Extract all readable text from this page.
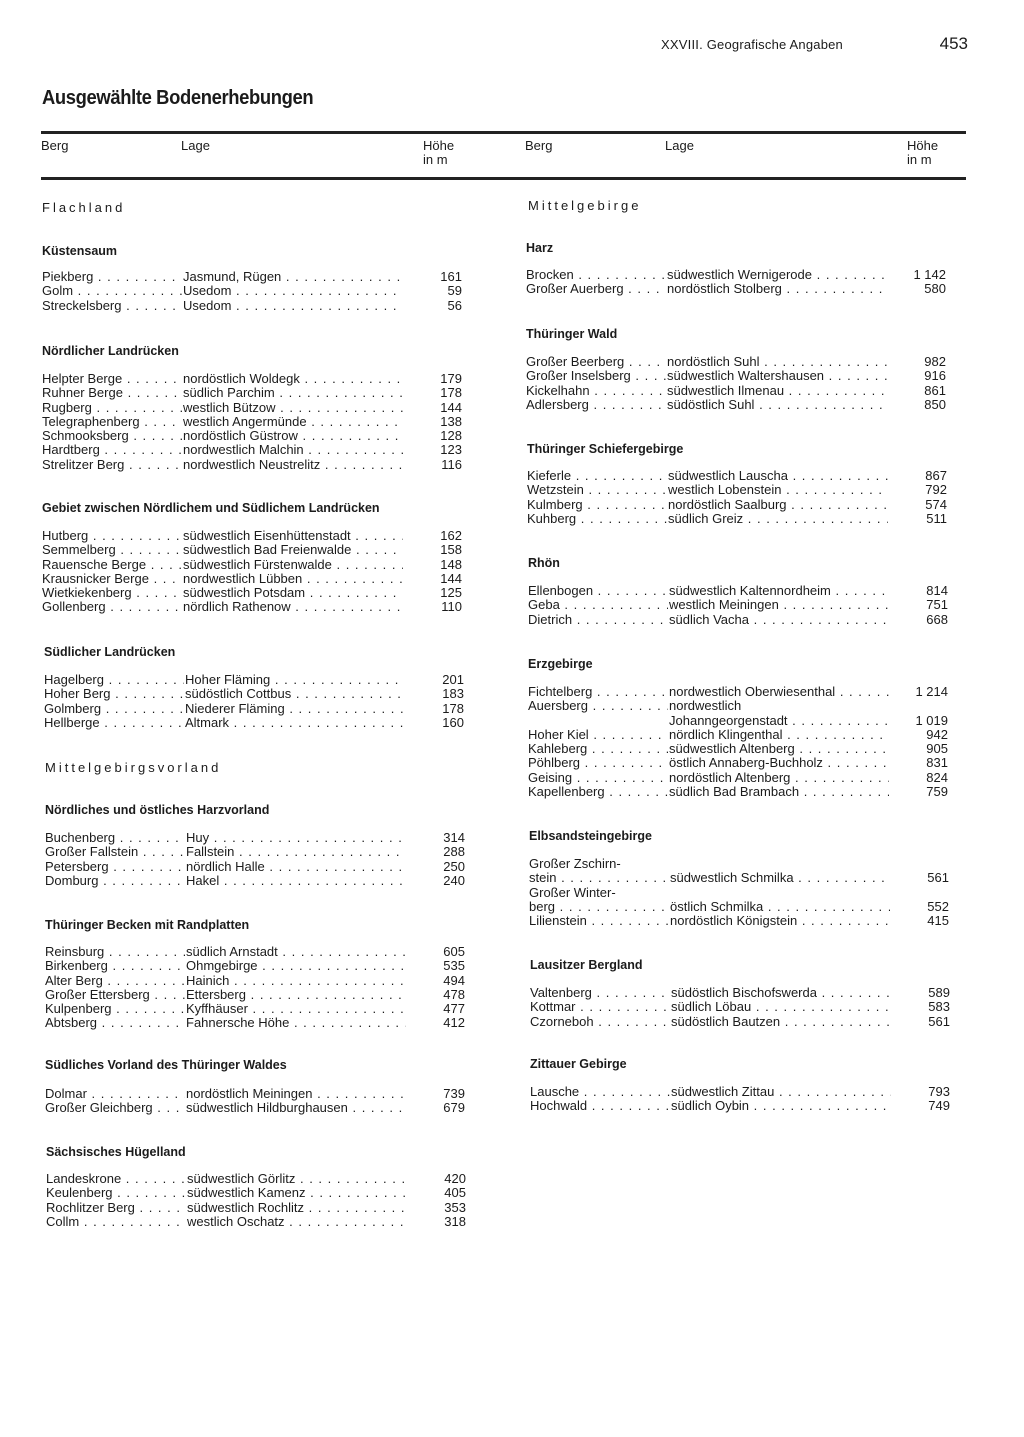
XXVIII. Geografische Angaben	453
Ausgewählte Bodenerhebungen
Berg	Lage	Höhe
in m
Berg	Lage	Höhe
in m
Flachland
Küstensaum
Piekberg . . .	Jasmund, Rügen . . .	161
Golm . . .	Usedom . . .	59
Streckelsberg . . .	Usedom . . .	56
Nördlicher Landrücken
Helpter Berge . . .	nordöstlich Woldegk . . .	179
Ruhner Berge . . .	südlich Parchim . . .	178
Rugberg . . .	westlich Bützow . . .	144
Telegraphenberg . . .	westlich Angermünde . . .	138
Schmooksberg . . .	nordöstlich Güstrow . . .	128
Hardtberg . . .	nordwestlich Malchin . . .	123
Strelitzer Berg . . .	nordwestlich Neustrelitz . . .	116
Gebiet zwischen Nördlichem und Südlichem Landrücken
Hutberg . . .	südwestlich Eisenhüttenstadt . . .	162
Semmelberg . . .	südwestlich Bad Freienwalde . . .	158
Rauensche Berge . . .	südwestlich Fürstenwalde . . .	148
Krausnicker Berge . . .	nordwestlich Lübben . . .	144
Wietkiekenberg . . .	südwestlich Potsdam . . .	125
Gollenberg . . .	nördlich Rathenow . . .	110
Südlicher Landrücken
Hagelberg . . .	Hoher Fläming . . .	201
Hoher Berg . . .	südöstlich Cottbus . . .	183
Golmberg . . .	Niederer Fläming . . .	178
Hellberge . . .	Altmark . . .	160
Mittelgebirgsvorland
Nördliches und östliches Harzvorland
Buchenberg . . .	Huy . . .	314
Großer Fallstein . . .	Fallstein . . .	288
Petersberg . . .	nördlich Halle . . .	250
Domburg . . .	Hakel . . .	240
Thüringer Becken mit Randplatten
Reinsburg . . .	südlich Arnstadt . . .	605
Birkenberg . . .	Ohmgebirge . . .	535
Alter Berg . . .	Hainich . . .	494
Großer Ettersberg . . .	Ettersberg . . .	478
Kulpenberg . . .	Kyffhäuser . . .	477
Abtsberg . . .	Fahnersche Höhe . . .	412
Südliches Vorland des Thüringer Waldes
Dolmar . . .	nordöstlich Meiningen . . .	739
Großer Gleichberg . . .	südwestlich Hildburghausen . . .	679
Sächsisches Hügelland
Landeskrone . . .	südwestlich Görlitz . . .	420
Keulenberg . . .	südwestlich Kamenz . . .	405
Rochlitzer Berg . . .	südwestlich Rochlitz . . .	353
Collm . . .	westlich Oschatz . . .	318
Mittelgebirge
Harz
Brocken . . .	südwestlich Wernigerode . . .	1 142
Großer Auerberg . . .	nordöstlich Stolberg . . .	580
Thüringer Wald
Großer Beerberg . . .	nordöstlich Suhl . . .	982
Großer Inselsberg . . .	südwestlich Waltershausen . . .	916
Kickelhahn . . .	südwestlich Ilmenau . . .	861
Adlersberg . . .	südöstlich Suhl . . .	850
Thüringer Schiefergebirge
Kieferle . . .	südwestlich Lauscha . . .	867
Wetzstein . . .	westlich Lobenstein . . .	792
Kulmberg . . .	nordöstlich Saalburg . . .	574
Kuhberg . . .	südlich Greiz . . .	511
Rhön
Ellenbogen . . .	südwestlich Kaltennordheim . . .	814
Geba . . .	westlich Meiningen . . .	751
Dietrich . . .	südlich Vacha . . .	668
Erzgebirge
Fichtelberg . . .	nordwestlich Oberwiesenthal . . .	1 214
Auersberg . . .	nordwestlich
Johanngeorgenstadt . . .	1 019
Hoher Kiel . . .	nördlich Klingenthal . . .	942
Kahleberg . . .	südwestlich Altenberg . . .	905
Pöhlberg . . .	östlich Annaberg-Buchholz . . .	831
Geising . . .	nordöstlich Altenberg . . .	824
Kapellenberg . . .	südlich Bad Brambach . . .	759
Elbsandsteingebirge
Großer Zschirn-
stein . . .	südwestlich Schmilka . . .	561
Großer Winter-
berg . . .	östlich Schmilka . . .	552
Lilienstein . . .	nordöstlich Königstein . . .	415
Lausitzer Bergland
Valtenberg . . .	südöstlich Bischofswerda . . .	589
Kottmar . . .	südlich Löbau . . .	583
Czorneboh . . .	südöstlich Bautzen . . .	561
Zittauer Gebirge
Lausche . . .	südwestlich Zittau . . .	793
Hochwald . . .	südlich Oybin . . .	749
